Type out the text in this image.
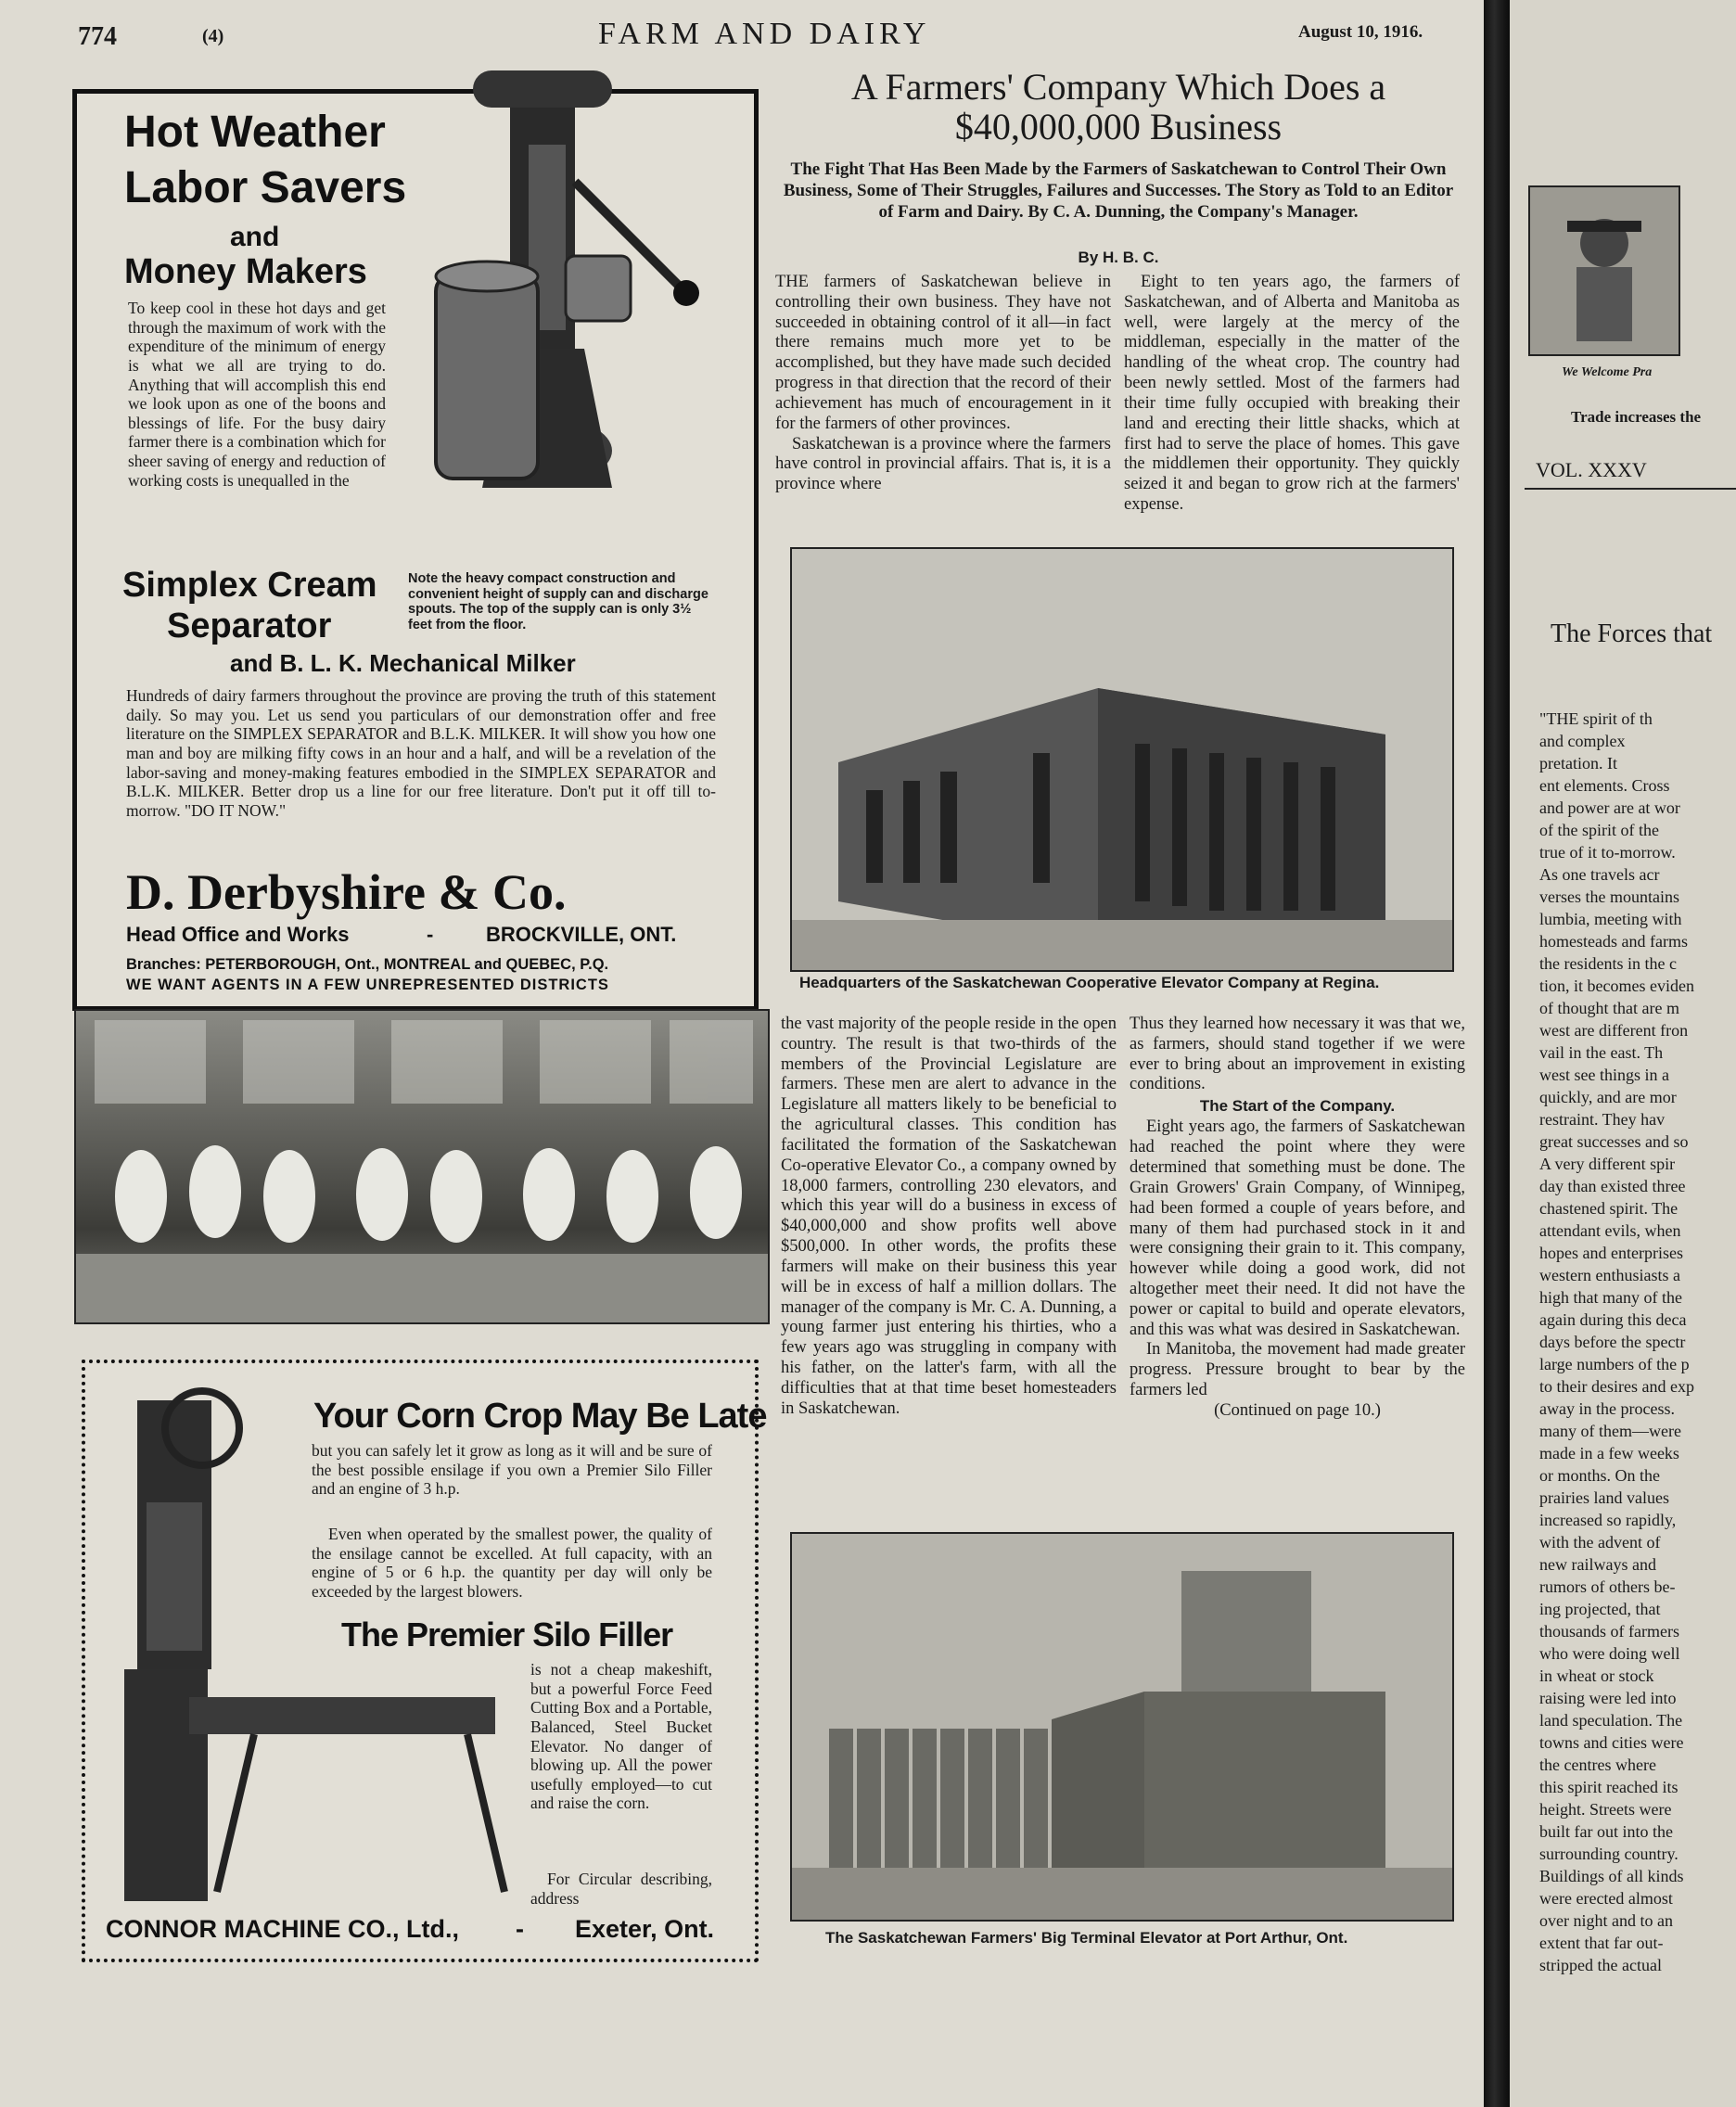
774	(4)	FARM AND DAIRY	August 10, 1916.
Hot Weather
Labor Savers
and
Money Makers
To keep cool in these hot days and get through the maximum of work with the expenditure of the minimum of energy is what we all are trying to do. Anything that will accomplish this end we look upon as one of the boons and blessings of life. For the busy dairy farmer there is a combination which for sheer saving of energy and reduction of working costs is unequalled in the
Simplex Cream
Separator
Note the heavy compact construction and convenient height of supply can and discharge spouts. The top of the supply can is only 3½ feet from the floor.
and B. L. K. Mechanical Milker
Hundreds of dairy farmers throughout the province are proving the truth of this statement daily. So may you. Let us send you particulars of our demonstration offer and free literature on the SIMPLEX SEPARATOR and B.L.K. MILKER. It will show you how one man and boy are milking fifty cows in an hour and a half, and will be a revelation of the labor-saving and money-making features embodied in the SIMPLEX SEPARATOR and B.L.K. MILKER. Better drop us a line for our free literature. Don't put it off till to-morrow. "DO IT NOW."
D. Derbyshire & Co.
Head Office and Works	-	BROCKVILLE, ONT.
Branches: PETERBOROUGH, Ont., MONTREAL and QUEBEC, P.Q.
WE WANT AGENTS IN A FEW UNREPRESENTED DISTRICTS
Your Corn Crop May Be Late
but you can safely let it grow as long as it will and be sure of the best possible ensilage if you own a Premier Silo Filler and an engine of 3 h.p.
Even when operated by the smallest power, the quality of the ensilage cannot be excelled. At full capacity, with an engine of 5 or 6 h.p. the quantity per day will only be exceeded by the largest blowers.
The Premier Silo Filler
is not a cheap makeshift, but a powerful Force Feed Cutting Box and a Portable, Balanced, Steel Bucket Elevator. No danger of blowing up. All the power usefully employed—to cut and raise the corn.
For Circular describing, address
CONNOR MACHINE CO., Ltd., - Exeter, Ont.
A Farmers' Company Which Does a $40,000,000 Business
The Fight That Has Been Made by the Farmers of Saskatchewan to Control Their Own Business, Some of Their Struggles, Failures and Successes. The Story as Told to an Editor of Farm and Dairy. By C. A. Dunning, the Company's Manager.
By H. B. C.

THE farmers of Saskatchewan believe in controlling their own business. They have not succeeded in obtaining control of it all—in fact there remains much more yet to be accomplished, but they have made such decided progress in that direction that the record of their achievement has much of encouragement in it for the farmers of other provinces.

Saskatchewan is a province where the farmers have control in provincial affairs. That is, it is a province where

Eight to ten years ago, the farmers of Saskatchewan, and of Alberta and Manitoba as well, were largely at the mercy of the middleman, especially in the matter of the handling of the wheat crop. The country had been newly settled. Most of the farmers had their time fully occupied with breaking their land and erecting their little shacks, which at first had to serve the place of homes. This gave the middlemen their opportunity. They quickly seized it and began to grow rich at the farmers' expense.

Headquarters of the Saskatchewan Cooperative Elevator Company at Regina.

the vast majority of the people reside in the open country. The result is that two-thirds of the members of the Provincial Legislature are farmers. These men are alert to advance in the Legislature all matters likely to be beneficial to the agricultural classes. This condition has facilitated the formation of the Saskatchewan Co-operative Elevator Co., a company owned by 18,000 farmers, controlling 230 elevators, and which this year will do a business in excess of $40,000,000 and show profits well above $500,000. In other words, the profits these farmers will make on their business this year will be in excess of half a million dollars. The manager of the company is Mr. C. A. Dunning, a young farmer just entering his thirties, who a few years ago was struggling in company with his father, on the latter's farm, with all the difficulties that at that time beset homesteaders in Saskatchewan.

Thus they learned how necessary it was that we, as farmers, should stand together if we were ever to bring about an improvement in existing conditions.

The Start of the Company.

Eight years ago, the farmers of Saskatchewan had reached the point where they were determined that something must be done. The Grain Growers' Grain Company, of Winnipeg, had been formed a couple of years before, and many of them had purchased stock in it and were consigning their grain to it. This company, however while doing a good work, did not altogether meet their need. It did not have the power or capital to build and operate elevators, and this was what was desired in Saskatchewan.

In Manitoba, the movement had made greater progress. Pressure brought to bear by the farmers led

(Continued on page 10.)
The Saskatchewan Farmers' Big Terminal Elevator at Port Arthur, Ont.
We Welcome Pra
Trade increases the
VOL. XXXV
The Forces that
"THE spirit of th
and complex
pretation. It
ent elements. Cross
and power are at wor
of the spirit of the
true of it to-morrow.
As one travels acr
verses the mountains
lumbia, meeting with
homesteads and farms
the residents in the c
tion, it becomes eviden
of thought that are m
west are different fron
vail in the east. Th
west see things in a
quickly, and are mor
restraint. They hav
great successes and so
A very different spir
day than existed three
chastened spirit. The
attendant evils, when
hopes and enterprises
western enthusiasts a
high that many of the
again during this deca
days before the spectr
large numbers of the p
to their desires and exp
away in the process.
many of them—were
made in a few weeks
or months. On the
prairies land values
increased so rapidly,
with the advent of
new railways and
rumors of others be-
ing projected, that
thousands of farmers
who were doing well
in wheat or stock
raising were led into
land speculation. The
towns and cities were
the centres where
this spirit reached its
height. Streets were
built far out into the
surrounding country.
Buildings of all kinds
were erected almost
over night and to an
extent that far out-
stripped the actual
